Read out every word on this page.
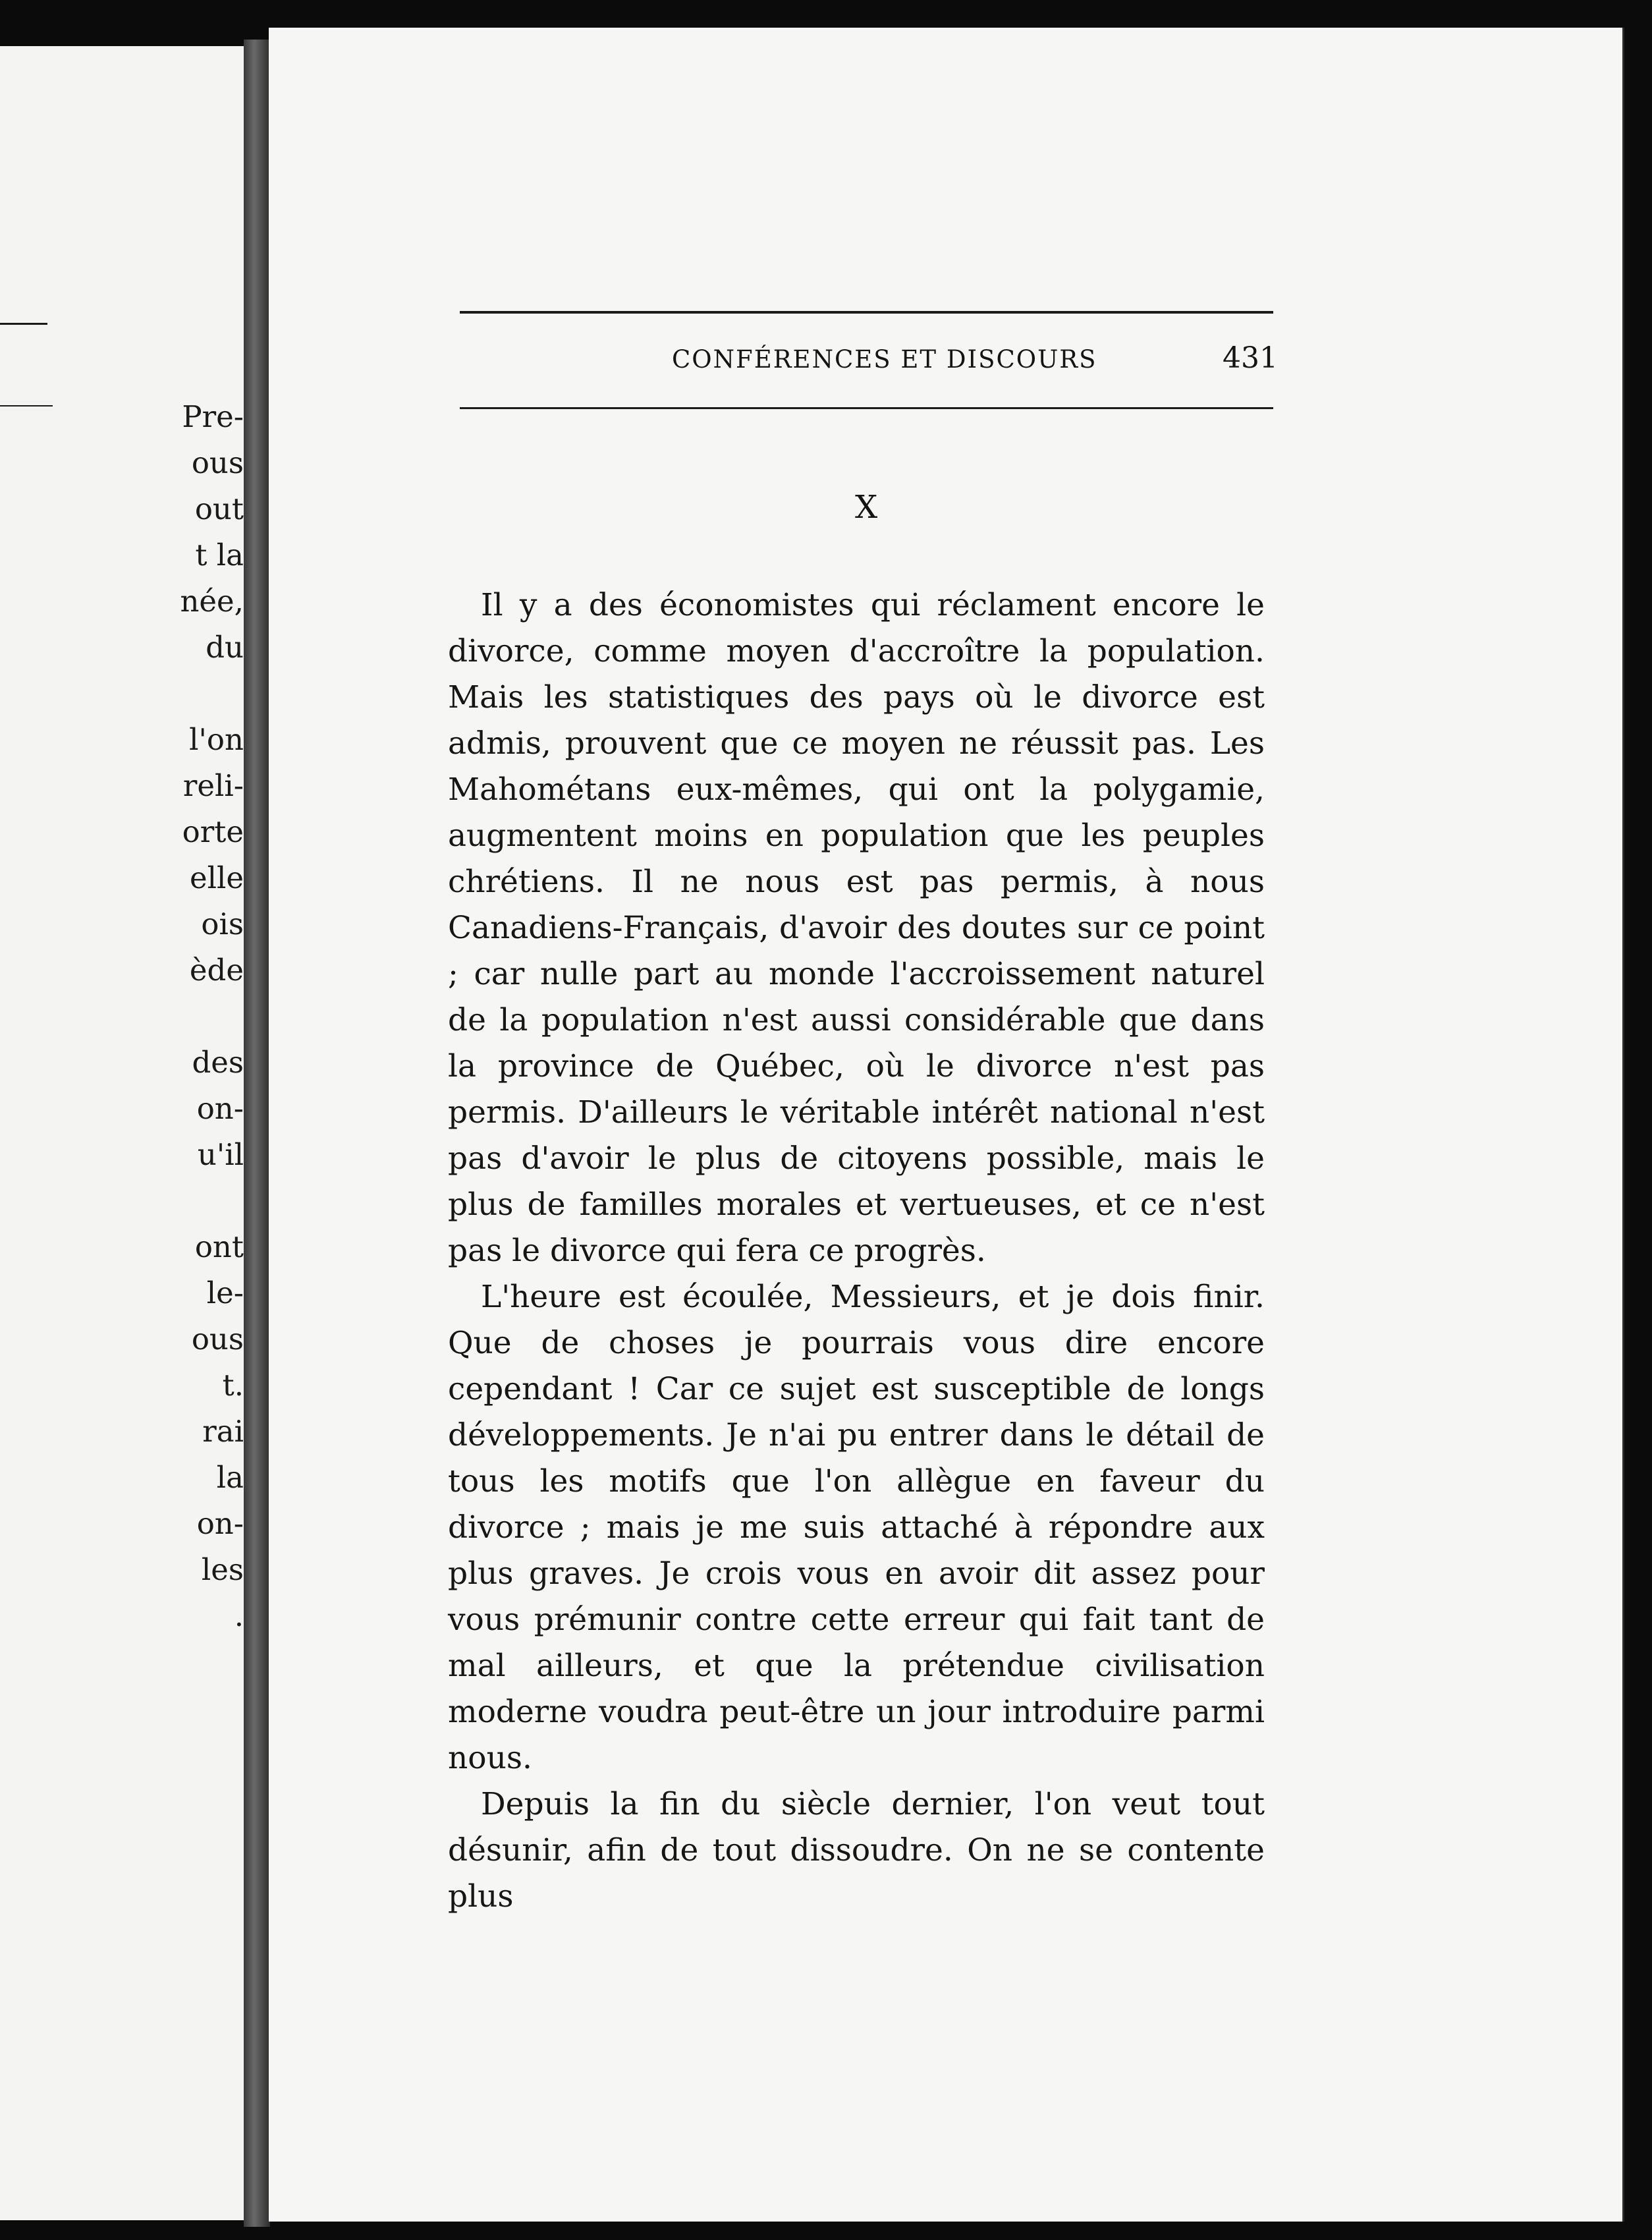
Pre-
ous
out
t la
née,
du
l'on
reli-
orte
elle
ois
ède
des
on-
u'il
ont
le-
ous
t.
rai
la
on-
les
.
CONFÉRENCES ET DISCOURS	431
X

Il y a des économistes qui réclament encore le divorce, comme moyen d'accroître la population. Mais les statistiques des pays où le divorce est admis, prouvent que ce moyen ne réussit pas. Les Mahométans eux-mêmes, qui ont la polygamie, augmentent moins en population que les peuples chrétiens. Il ne nous est pas permis, à nous Canadiens-Français, d'avoir des doutes sur ce point ; car nulle part au monde l'accroissement naturel de la population n'est aussi considérable que dans la province de Québec, où le divorce n'est pas permis. D'ailleurs le véritable intérêt national n'est pas d'avoir le plus de citoyens possible, mais le plus de familles morales et vertueuses, et ce n'est pas le divorce qui fera ce progrès.

L'heure est écoulée, Messieurs, et je dois finir. Que de choses je pourrais vous dire encore cependant ! Car ce sujet est susceptible de longs développements. Je n'ai pu entrer dans le détail de tous les motifs que l'on allègue en faveur du divorce ; mais je me suis attaché à répondre aux plus graves. Je crois vous en avoir dit assez pour vous prémunir contre cette erreur qui fait tant de mal ailleurs, et que la prétendue civilisation moderne voudra peut-être un jour introduire parmi nous.

Depuis la fin du siècle dernier, l'on veut tout désunir, afin de tout dissoudre. On ne se contente plus
